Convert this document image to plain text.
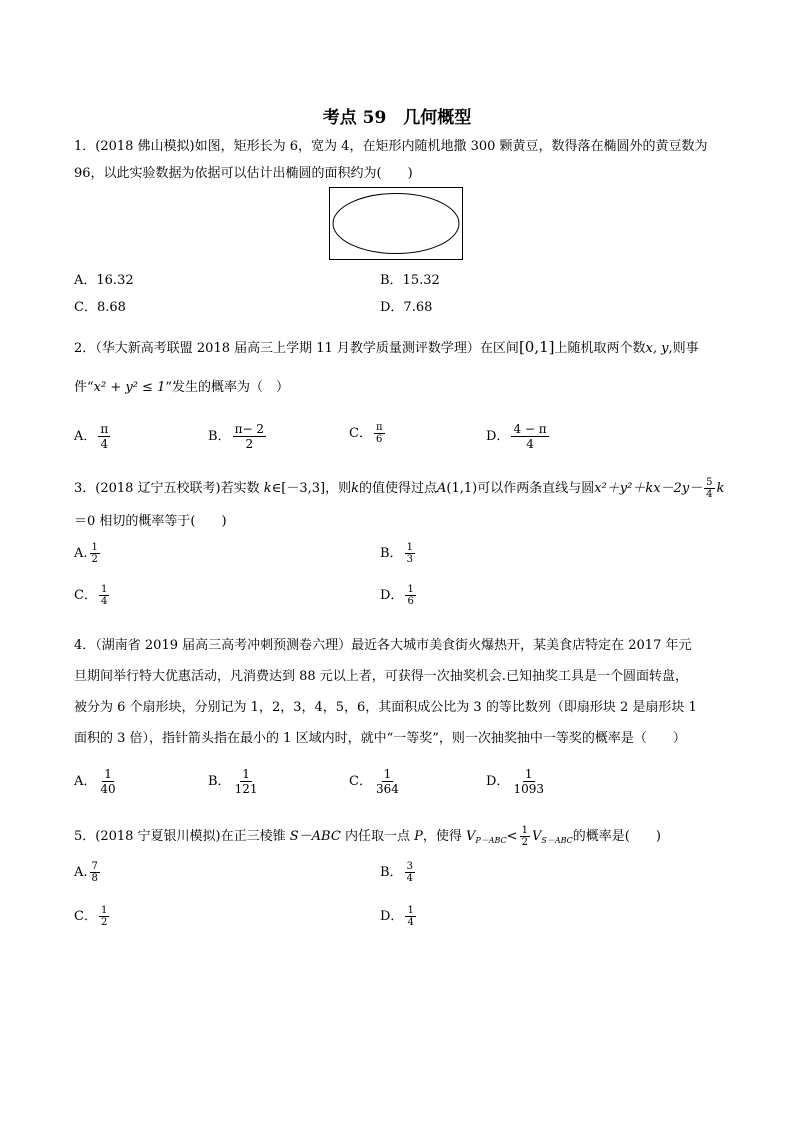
考点 59　几何概型
1．(2018 佛山模拟)如图，矩形长为 6，宽为 4，在矩形内随机地撒 300 颗黄豆，数得落在椭圆外的黄豆数为
96，以此实验数据为依据可以估计出椭圆的面积约为(　　)
A．16.32	B．15.32
C．8.68	D．7.68
2．（华大新高考联盟 2018 届高三上学期 11 月教学质量测评数学理）在区间[0,1]上随机取两个数x, y,则事
件“x² + y² ≤ 1”发生的概率为（　）
A． $\frac{\pi}{4}$	B． $\frac{\pi- 2}{2}$	C． $\frac{\pi}{6}$	D． $\frac{4 - \pi}{4}$
3．(2018 辽宁五校联考)若实数 k∈[－3,3]，则k的值使得过点A(1,1)可以作两条直线与圆$x^2+y^2+kx-2y- \frac{5}{4}$ k
＝0 相切的概率等于(　　)
A. $\frac{1}{2}$	B． $\frac{1}{3}$
C． $\frac{1}{4}$	D． $\frac{1}{6}$
4．（湖南省 2019 届高三高考冲刺预测卷六理）最近各大城市美食街火爆热开，某美食店特定在 2017 年元
旦期间举行特大优惠活动，凡消费达到 88 元以上者，可获得一次抽奖机会.已知抽奖工具是一个圆面转盘，
被分为 6 个扇形块，分别记为 1，2，3，4，5，6，其面积成公比为 3 的等比数列（即扇形块 2 是扇形块 1
面积的 3 倍），指针箭头指在最小的 1 区域内时，就中“一等奖”，则一次抽奖抽中一等奖的概率是（　　）
A． $\frac{1}{40}$	B． $\frac{1}{121}$	C． $\frac{1}{364}$	D． $\frac{1}{1093}$
5．(2018 宁夏银川模拟)在正三棱锥 S－ABC 内任取一点 P，使得 $V_{P-ABC}< \frac{1}{2} V_{S-ABC}$的概率是(　　)
A. $\frac{7}{8}$	B． $\frac{3}{4}$
C． $\frac{1}{2}$	D． $\frac{1}{4}$
